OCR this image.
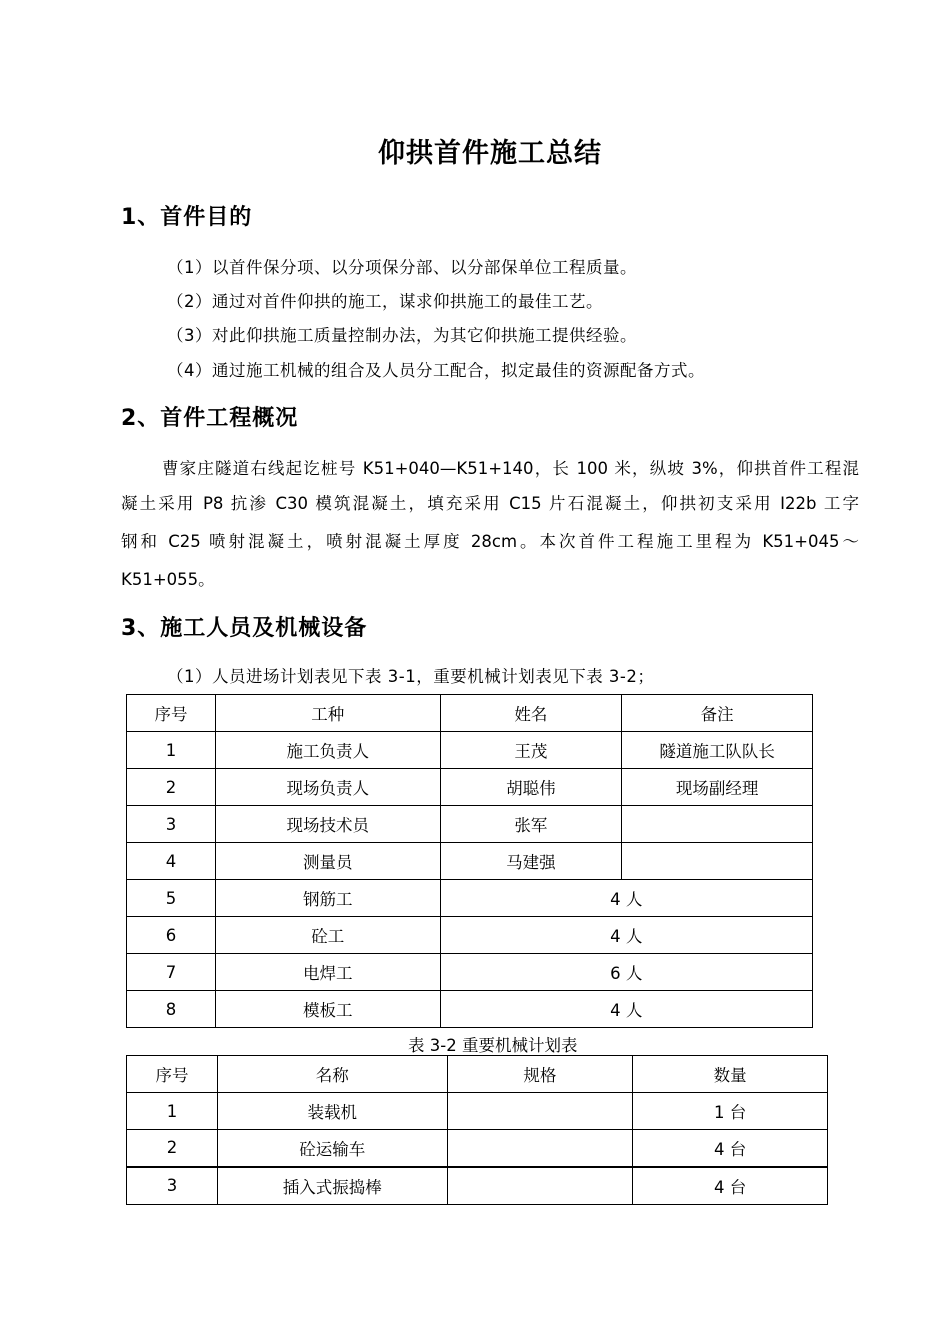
仰拱首件施工总结
1、首件目的
（1）以首件保分项、以分项保分部、以分部保单位工程质量。
（2）通过对首件仰拱的施工，谋求仰拱施工的最佳工艺。
（3）对此仰拱施工质量控制办法，为其它仰拱施工提供经验。
（4）通过施工机械的组合及人员分工配合，拟定最佳的资源配备方式。
2、首件工程概况
曹家庄隧道右线起讫桩号 K51+040—K51+140，长 100 米，纵坡 3%，仰拱首件工程混
凝土采用 P8 抗渗 C30 模筑混凝土，填充采用 C15 片石混凝土，仰拱初支采用 I22b 工字
钢和 C25 喷射混凝土，喷射混凝土厚度 28cm。本次首件工程施工里程为 K51+045～
K51+055。
3、施工人员及机械设备
（1）人员进场计划表见下表 3-1，重要机械计划表见下表 3-2；
序号	工种	姓名	备注
1	施工负责人	王茂	隧道施工队队长
2	现场负责人	胡聪伟	现场副经理
3	现场技术员	张军	
4	测量员	马建强	
5	钢筋工	4 人	
6	砼工	4 人	
7	电焊工	6 人	
8	模板工	4 人	
表 3-2 重要机械计划表
序号	名称	规格	数量
1	装载机		1 台
2	砼运输车		4 台
3	插入式振捣棒		4 台
